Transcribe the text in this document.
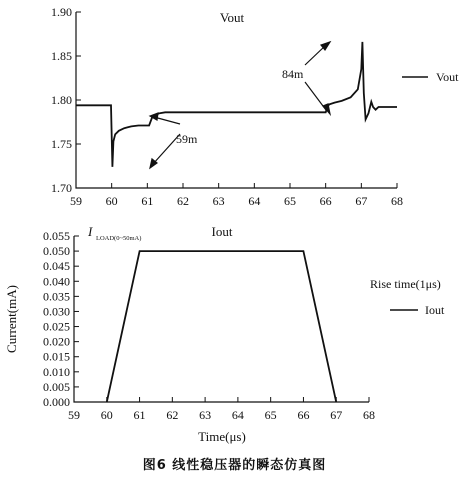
1.70
1.75
1.80
1.85
1.90
59 60 61 62 63 64 65 66 67 68
Vout
Vout
84m
59m
0.000
0.005
0.010
0.015
0.020
0.025
0.030
0.035
0.040
0.045
0.050
0.055
59 60 61 62 63 64 65 66 67 68
Iout
I LOAD(0~50mA)
Rise time(1μs)
Iout
Current(mA)
Time(μs)
图6 线性稳压器的瞬态仿真图
